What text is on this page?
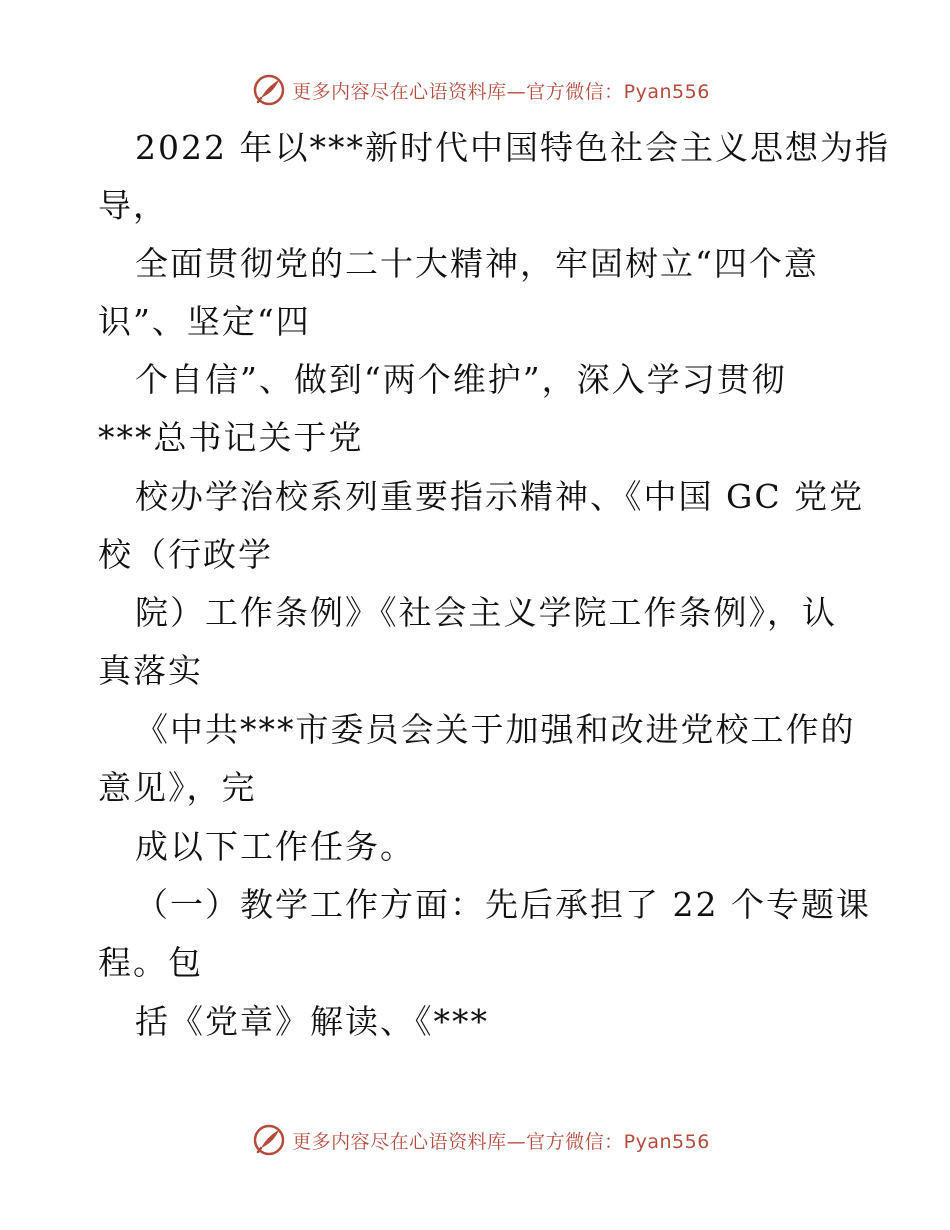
更多内容尽在心语资料库—官方微信：Pyan556
2022 年以***新时代中国特色社会主义思想为指
导，
全面贯彻党的二十大精神，牢固树立“四个意
识”、坚定“四
个自信”、做到“两个维护”，深入学习贯彻
***总书记关于党
校办学治校系列重要指示精神、《中国 GC 党党
校（行政学
院）工作条例》《社会主义学院工作条例》，认
真落实
《中共***市委员会关于加强和改进党校工作的
意见》，完
成以下工作任务。
（一）教学工作方面：先后承担了 22 个专题课
程。包
括《党章》解读、《***
更多内容尽在心语资料库—官方微信：Pyan556
